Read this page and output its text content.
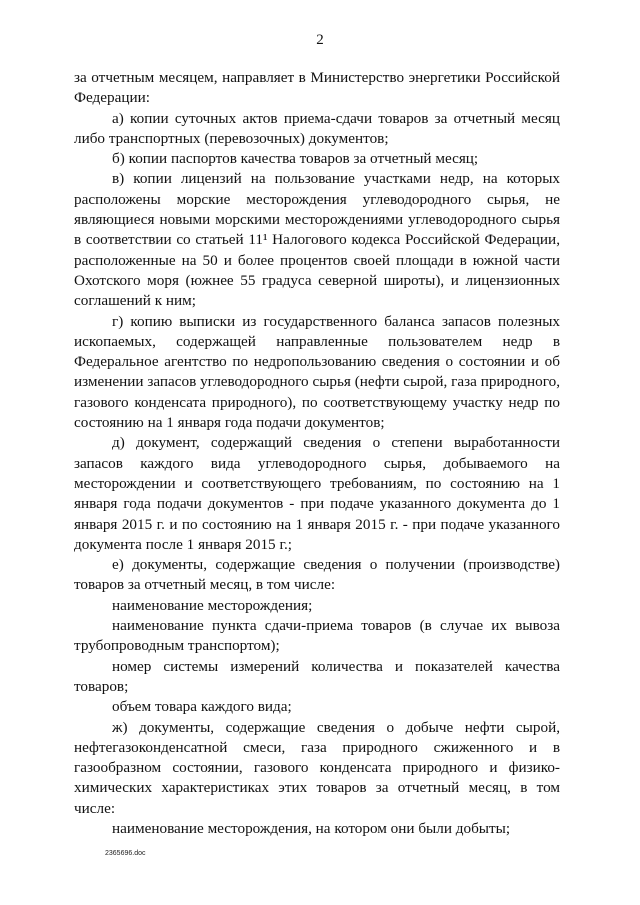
2

за отчетным месяцем, направляет в Министерство энергетики Российской Федерации:

а) копии суточных актов приема-сдачи товаров за отчетный месяц либо транспортных (перевозочных) документов;

б) копии паспортов качества товаров за отчетный месяц;

в) копии лицензий на пользование участками недр, на которых расположены морские месторождения углеводородного сырья, не являющиеся новыми морскими месторождениями углеводородного сырья в соответствии со статьей 11¹ Налогового кодекса Российской Федерации, расположенные на 50 и более процентов своей площади в южной части Охотского моря (южнее 55 градуса северной широты), и лицензионных соглашений к ним;

г) копию выписки из государственного баланса запасов полезных ископаемых, содержащей направленные пользователем недр в Федеральное агентство по недропользованию сведения о состоянии и об изменении запасов углеводородного сырья (нефти сырой, газа природного, газового конденсата природного), по соответствующему участку недр по состоянию на 1 января года подачи документов;

д) документ, содержащий сведения о степени выработанности запасов каждого вида углеводородного сырья, добываемого на месторождении и соответствующего требованиям, по состоянию на 1 января года подачи документов - при подаче указанного документа до 1 января 2015 г. и по состоянию на 1 января 2015 г. - при подаче указанного документа после 1 января 2015 г.;

е) документы, содержащие сведения о получении (производстве) товаров за отчетный месяц, в том числе:

наименование месторождения;

наименование пункта сдачи-приема товаров (в случае их вывоза трубопроводным транспортом);

номер системы измерений количества и показателей качества товаров;

объем товара каждого вида;

ж) документы, содержащие сведения о добыче нефти сырой, нефтегазоконденсатной смеси, газа природного сжиженного и в газообразном состоянии, газового конденсата природного и физико-химических характеристиках этих товаров за отчетный месяц, в том числе:

наименование месторождения, на котором они были добыты;

2365696.doc
